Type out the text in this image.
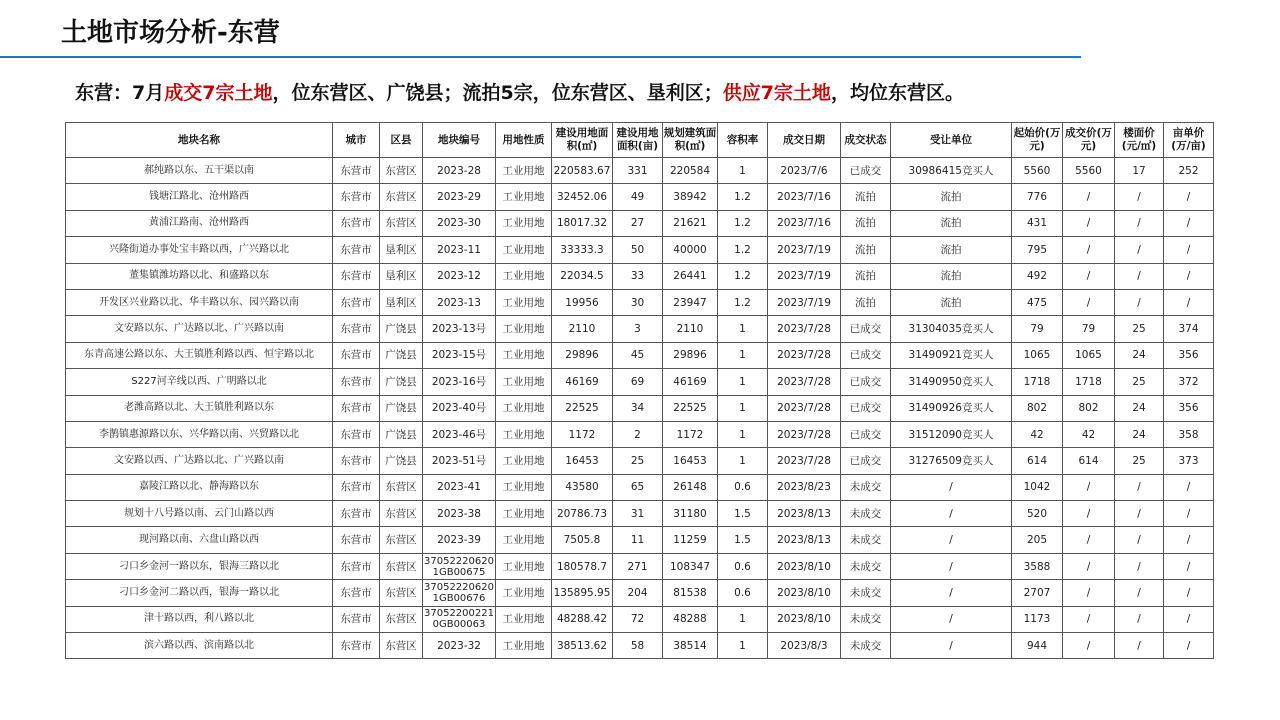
土地市场分析-东营
东营：7月成交7宗土地，位东营区、广饶县；流拍5宗，位东营区、垦利区；供应7宗土地，均位东营区。
地块名称	城市	区县	地块编号	用地性质	建设用地面积(㎡)	建设用地面积(亩)	规划建筑面积(㎡)	容积率	成交日期	成交状态	受让单位	起始价(万元)	成交价(万元)	楼面价(元/㎡)	亩单价(万/亩)
郝纯路以东、五干渠以南	东营市	东营区	2023-28	工业用地	220583.67	331	220584	1	2023/7/6	已成交	30986415竞买人	5560	5560	17	252
钱塘江路北、沧州路西	东营市	东营区	2023-29	工业用地	32452.06	49	38942	1.2	2023/7/16	流拍	流拍	776	/	/	/
黄浦江路南、沧州路西	东营市	东营区	2023-30	工业用地	18017.32	27	21621	1.2	2023/7/16	流拍	流拍	431	/	/	/
兴隆街道办事处宝丰路以西，广兴路以北	东营市	垦利区	2023-11	工业用地	33333.3	50	40000	1.2	2023/7/19	流拍	流拍	795	/	/	/
董集镇潍坊路以北、和盛路以东	东营市	垦利区	2023-12	工业用地	22034.5	33	26441	1.2	2023/7/19	流拍	流拍	492	/	/	/
开发区兴业路以北、华丰路以东、园兴路以南	东营市	垦利区	2023-13	工业用地	19956	30	23947	1.2	2023/7/19	流拍	流拍	475	/	/	/
文安路以东、广达路以北、广兴路以南	东营市	广饶县	2023-13号	工业用地	2110	3	2110	1	2023/7/28	已成交	31304035竞买人	79	79	25	374
东青高速公路以东、大王镇胜利路以西、恒宇路以北	东营市	广饶县	2023-15号	工业用地	29896	45	29896	1	2023/7/28	已成交	31490921竞买人	1065	1065	24	356
S227河辛线以西、广明路以北	东营市	广饶县	2023-16号	工业用地	46169	69	46169	1	2023/7/28	已成交	31490950竞买人	1718	1718	25	372
老潍高路以北、大王镇胜利路以东	东营市	广饶县	2023-40号	工业用地	22525	34	22525	1	2023/7/28	已成交	31490926竞买人	802	802	24	356
李鹊镇惠源路以东、兴华路以南、兴贸路以北	东营市	广饶县	2023-46号	工业用地	1172	2	1172	1	2023/7/28	已成交	31512090竞买人	42	42	24	358
文安路以西、广达路以北、广兴路以南	东营市	广饶县	2023-51号	工业用地	16453	25	16453	1	2023/7/28	已成交	31276509竞买人	614	614	25	373
嘉陵江路以北、静海路以东	东营市	东营区	2023-41	工业用地	43580	65	26148	0.6	2023/8/23	未成交	/	1042	/	/	/
规划十八号路以南、云门山路以西	东营市	东营区	2023-38	工业用地	20786.73	31	31180	1.5	2023/8/13	未成交	/	520	/	/	/
现河路以南、六盘山路以西	东营市	东营区	2023-39	工业用地	7505.8	11	11259	1.5	2023/8/13	未成交	/	205	/	/	/
刁口乡金河一路以东，银海三路以北	东营市	东营区	370522206201GB00675	工业用地	180578.7	271	108347	0.6	2023/8/10	未成交	/	3588	/	/	/
刁口乡金河二路以西，银海一路以北	东营市	东营区	370522206201GB00676	工业用地	135895.95	204	81538	0.6	2023/8/10	未成交	/	2707	/	/	/
津十路以西，利八路以北	东营市	东营区	370522002210GB00063	工业用地	48288.42	72	48288	1	2023/8/10	未成交	/	1173	/	/	/
滨六路以西、滨南路以北	东营市	东营区	2023-32	工业用地	38513.62	58	38514	1	2023/8/3	未成交	/	944	/	/	/
